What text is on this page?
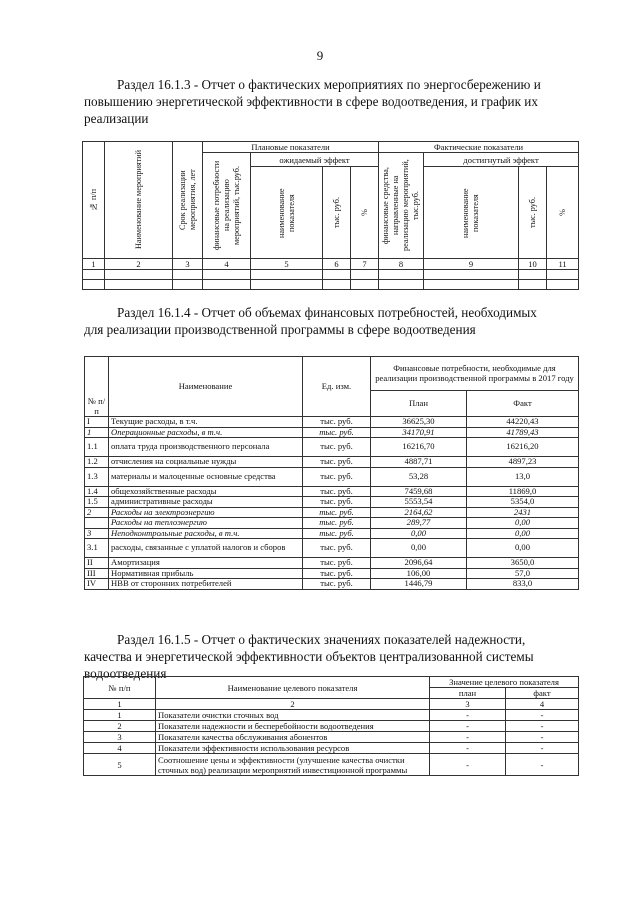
9
Раздел 16.1.3 - Отчет о фактических мероприятиях по энергосбережению и
повышению энергетической эффективности в сфере водоотведения, и график их
реализации
№ п/п	Наименование мероприятий	Срок реализации мероприятия, лет	Плановые показатели				Фактические показатели			

			финансовые потребности на реализацию мероприятий, тыс.руб.	ожидаемый эффект			финансовые средства, направленные на реализацию мероприятий, тыс.руб.	достигнутый эффект		

				наименование показателя	тыс. руб.	%		наименование показателя	тыс. руб.	%

1	2	3	4	5	6	7	8	9	10	11

Раздел 16.1.4 - Отчет об объемах финансовых потребностей, необходимых
для реализации производственной программы в сфере водоотведения
№ п/п	Наименование	Ед. изм.	Финансовые потребности, необходимые для реализации производственной программы в 2017 году	
			План	Факт
I	Текущие расходы, в т.ч.	тыс. руб.	36625,30	44220,43
1	Операционные расходы, в т.ч.	тыс. руб.	34170,91	41789,43
1.1	оплата труда производственного персонала	тыс. руб.	16216,70	16216,20
1.2	отчисления на социальные нужды	тыс. руб.	4887,71	4897,23
1.3	материалы и малоценные основные средства	тыс. руб.	53,28	13,0
1.4	общехозяйственные расходы	тыс. руб.	7459,68	11869,0
1.5	административные расходы	тыс. руб.	5553,54	5354,0
2	Расходы на электроэнергию	тыс. руб.	2164,62	2431
	Расходы на теплоэнергию	тыс. руб.	289,77	0,00
3	Неподконтрольные расходы, в т.ч.	тыс. руб.	0,00	0,00
3.1	расходы, связанные с уплатой налогов и сборов	тыс. руб.	0,00	0,00
II	Амортизация	тыс. руб.	2096,64	3650,0
III	Нормативная прибыль	тыс. руб.	106,00	57,0
IV	НВВ от сторонних потребителей	тыс. руб.	1446,79	833,0
Раздел 16.1.5 - Отчет о фактических значениях показателей надежности,
качества и энергетической эффективности объектов централизованной системы
водоотведения
№ п/п	Наименование целевого показателя	Значение целевого показателя	
		план	факт
1	2	3	4
1	Показатели очистки сточных вод	-	-
2	Показатели надежности и бесперебойности водоотведения	-	-
3	Показатели качества обслуживания абонентов	-	-
4	Показатели эффективности использования ресурсов	-	-
5	Соотношение цены и эффективности (улучшение качества очистки сточных вод) реализации мероприятий инвестиционной программы	-	-
